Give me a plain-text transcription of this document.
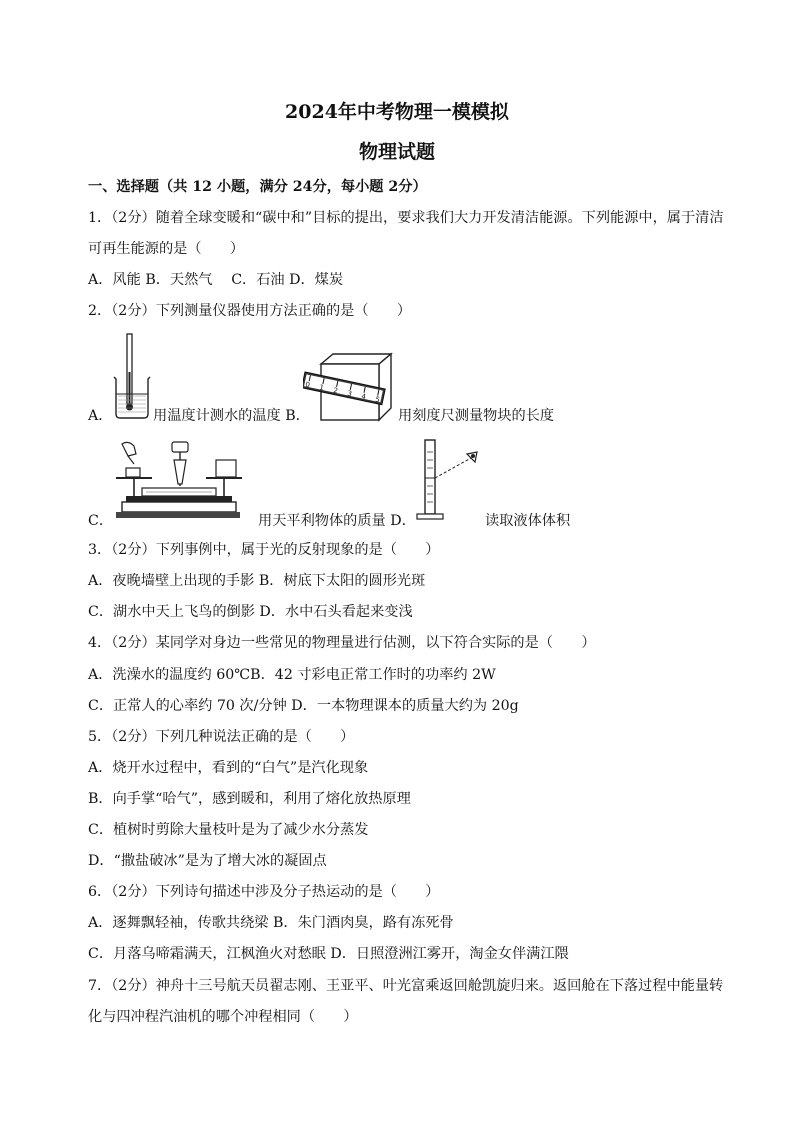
2024年中考物理一模模拟
物理试题
一、选择题（共 12 小题，满分 24分，每小题 2分）
1．（2分）随着全球变暖和“碳中和”目标的提出，要求我们大力开发清洁能源。下列能源中，属于清洁
可再生能源的是（　　）
A．风能 B．天然气　 C．石油 D．煤炭
2．（2分）下列测量仪器使用方法正确的是（　　）
A．	用温度计测水的温度 B．
0 1 2 3 4 5
用刻度尺测量物块的长度
C．	用天平利物体的质量 D．	读取液体体积
3．（2分）下列事例中，属于光的反射现象的是（　　）
A．夜晚墙壁上出现的手影 B．树底下太阳的圆形光斑
C．湖水中天上飞鸟的倒影 D．水中石头看起来变浅
4．（2分）某同学对身边一些常见的物理量进行估测，以下符合实际的是（　　）
A．洗澡水的温度约 60℃B．42 寸彩电正常工作时的功率约 2W
C．正常人的心率约 70 次/分钟 D．一本物理课本的质量大约为 20g
5．（2分）下列几种说法正确的是（　　）
A．烧开水过程中，看到的“白气”是汽化现象
B．向手掌“哈气”，感到暖和，利用了熔化放热原理
C．植树时剪除大量枝叶是为了减少水分蒸发
D．“撒盐破冰”是为了增大冰的凝固点
6．（2分）下列诗句描述中涉及分子热运动的是（　　）
A．逐舞飘轻袖，传歌共绕梁 B．朱门酒肉臭，路有冻死骨
C．月落乌啼霜满天，江枫渔火对愁眠 D．日照澄洲江雾开，淘金女伴满江隈
7．（2分）神舟十三号航天员翟志刚、王亚平、叶光富乘返回舱凯旋归来。返回舱在下落过程中能量转
化与四冲程汽油机的哪个冲程相同（　　）
